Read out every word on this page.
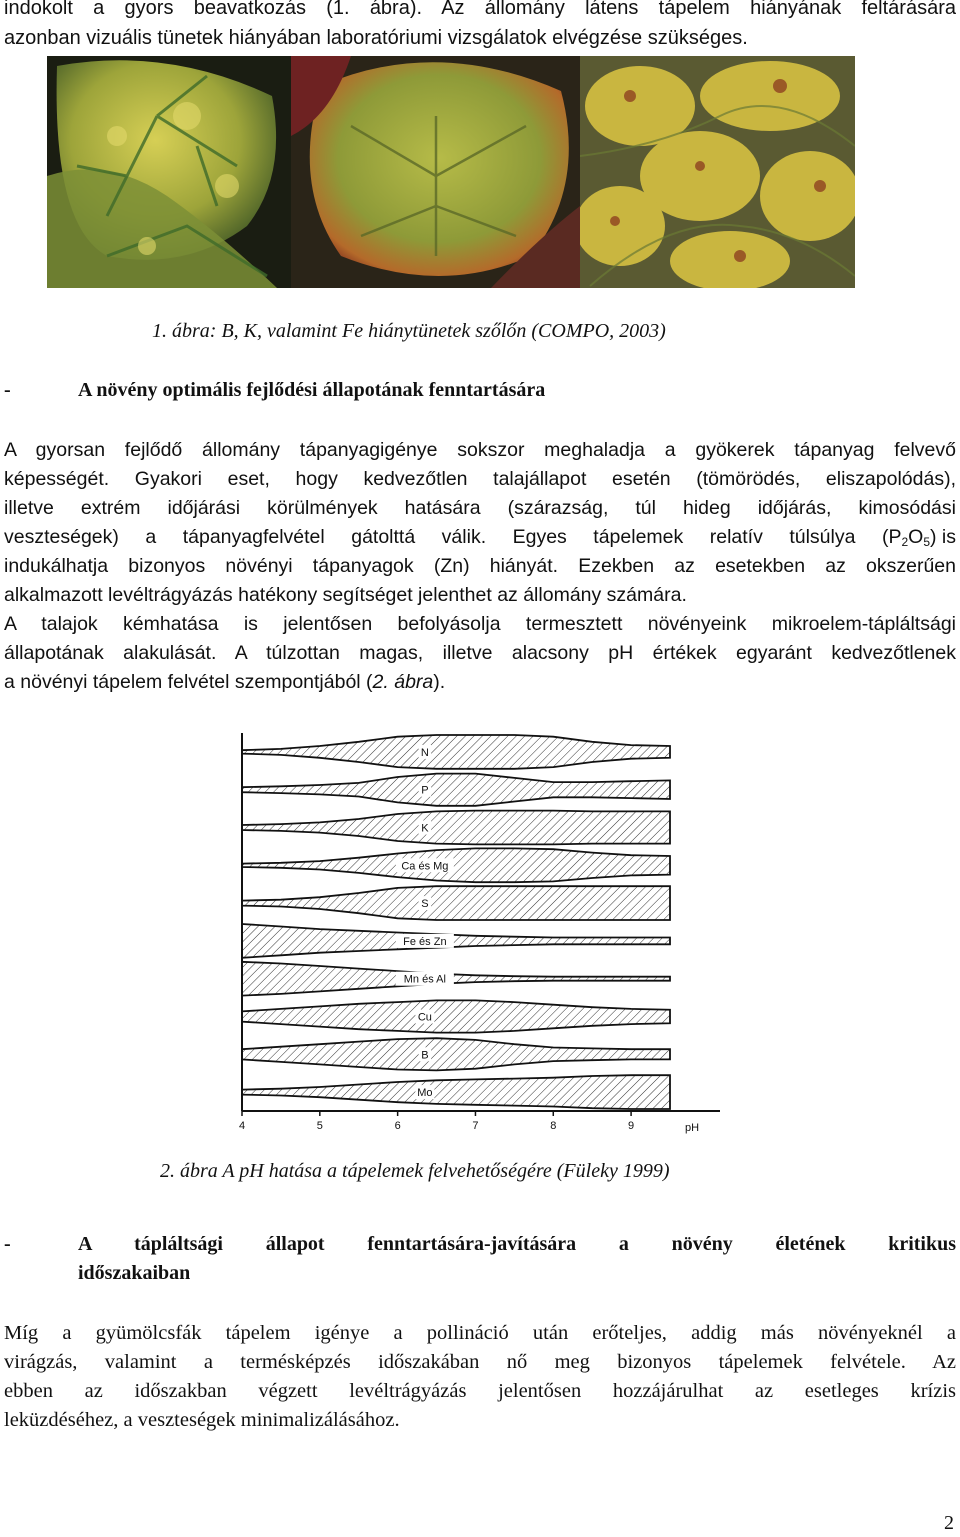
indokolt a gyors beavatkozás (1. ábra). Az állomány látens tápelem hiányának feltárására
azonban vizuális tünetek hiányában laboratóriumi vizsgálatok elvégzése szükséges.
1. ábra: B, K, valamint Fe hiánytünetek szőlőn (COMPO, 2003)
-	A növény optimális fejlődési állapotának fenntartására
A gyorsan fejlődő állomány tápanyagigénye sokszor meghaladja a gyökerek tápanyag felvevő
képességét. Gyakori eset, hogy kedvezőtlen talajállapot esetén (tömörödés, eliszapolódás),
illetve extrém időjárási körülmények hatására (szárazság, túl hideg időjárás, kimosódási
veszteségek) a tápanyagfelvétel gátolttá válik. Egyes tápelemek relatív túlsúlya (P $_2O_5$) is
indukálhatja bizonyos növényi tápanyagok (Zn) hiányát. Ezekben az esetekben az okszerűen
alkalmazott levéltrágyázás hatékony segítséget jelenthet az állomány számára.
A talajok kémhatása is jelentősen befolyásolja termesztett növényeink mikroelem-tápláltsági
állapotának alakulását. A túlzottan magas, illetve alacsony pH értékek egyaránt kedvezőtlenek
a növényi tápelem felvétel szempontjából (2. ábra).
N
P
K
Ca és Mg
S
Fe és Zn
Mn és Al
Cu
B
Mo
4	5	6	7	8	9	pH
2. ábra A pH hatása a tápelemek felvehetőségére (Füleky 1999)
-	A tápláltsági állapot fenntartására-javítására a növény életének kritikus
időszakaiban
Míg a gyümölcsfák tápelem igénye a pollináció után erőteljes, addig más növényeknél a
virágzás, valamint a termésképzés időszakában nő meg bizonyos tápelemek felvétele. Az
ebben az időszakban végzett levéltrágyázás jelentősen hozzájárulhat az esetleges krízis
leküzdéséhez, a veszteségek minimalizálásához.
2
